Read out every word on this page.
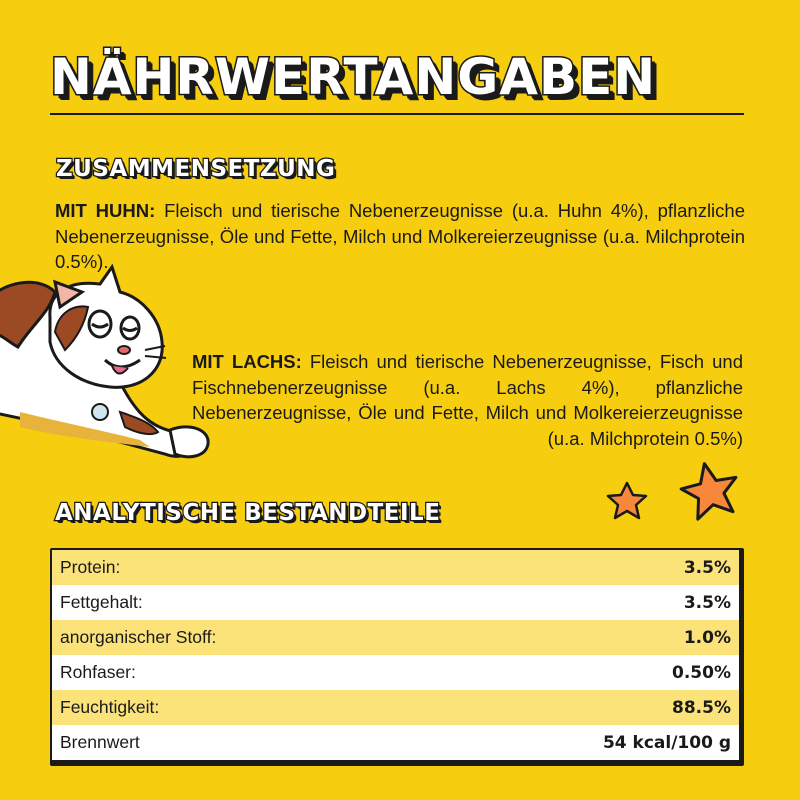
NÄHRWERTANGABEN
ZUSAMMENSETZUNG

MIT HUHN: Fleisch und tierische Nebenerzeugnisse (u.a. Huhn 4%), pflanzliche Nebenerzeugnisse, Öle und Fette, Milch und Molkereierzeugnisse (u.a. Milchprotein 0.5%).

MIT LACHS: Fleisch und tierische Nebenerzeugnisse, Fisch und Fischnebenerzeugnisse (u.a. Lachs 4%), pflanzliche Nebenerzeugnisse, Öle und Fette, Milch und Molkereierzeugnisse (u.a. Milchprotein 0.5%)

ANALYTISCHE BESTANDTEILE
Protein:	3.5%
Fettgehalt:	3.5%
anorganischer Stoff:	1.0%
Rohfaser:	0.50%
Feuchtigkeit:	88.5%
Brennwert	54 kcal/100 g
